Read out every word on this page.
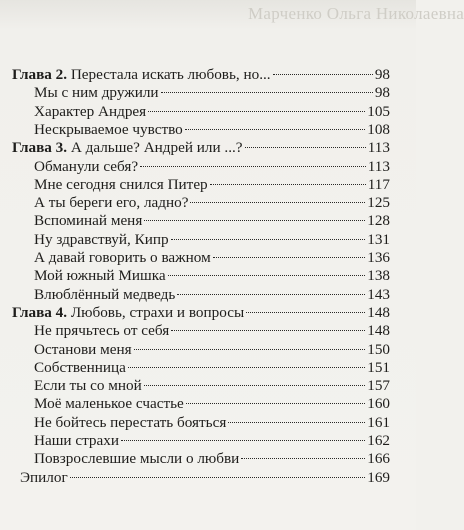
Марченко Ольга Николаевна
Глава 2. Перестала искать любовь, но...	98
Мы с ним дружили	98
Характер Андрея	105
Нескрываемое чувство	108
Глава 3. А дальше? Андрей или ...?	113
Обманули себя?	113
Мне сегодня снился Питер	117
А ты береги его, ладно?	125
Вспоминай меня	128
Ну здравствуй, Кипр	131
А давай говорить о важном	136
Мой южный Мишка	138
Влюблённый медведь	143
Глава 4. Любовь, страхи и вопросы	148
Не прячьтесь от себя	148
Останови меня	150
Собственница	151
Если ты со мной	157
Моё маленькое счастье	160
Не бойтесь перестать бояться	161
Наши страхи	162
Повзрослевшие мысли о любви	166
Эпилог	169
